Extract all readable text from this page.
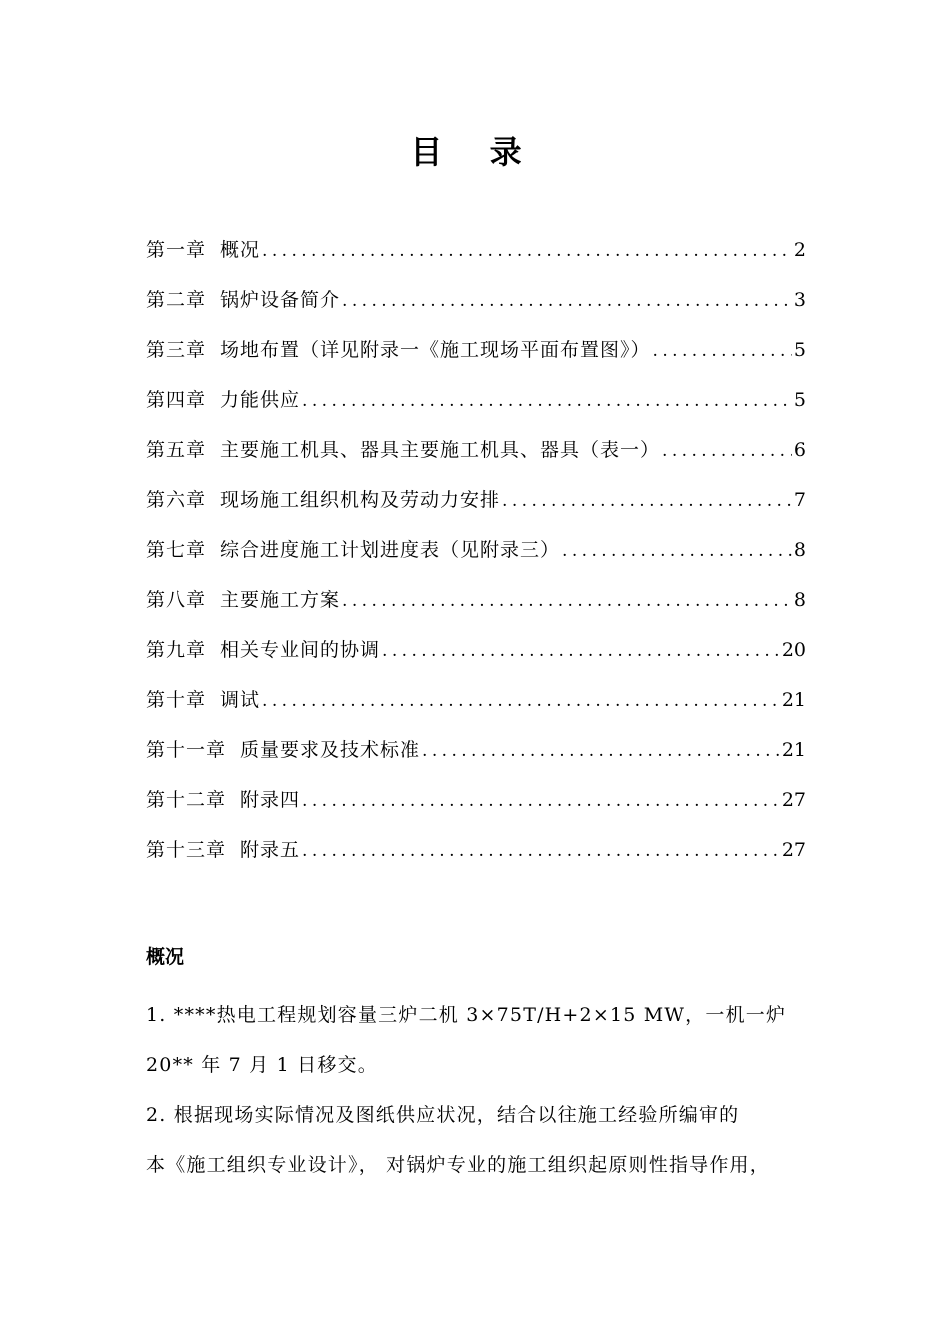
目 录
第一章 概况 .....	2
第二章 锅炉设备简介 .....	3
第三章 场地布置（详见附录一《施工现场平面布置图》） .....	5
第四章 力能供应 .....	5
第五章 主要施工机具、器具主要施工机具、器具（表一） .....	6
第六章 现场施工组织机构及劳动力安排 .....	7
第七章 综合进度施工计划进度表（见附录三） .....	8
第八章 主要施工方案 .....	8
第九章 相关专业间的协调 .....	20
第十章 调试 .....	21
第十一章 质量要求及技术标准 .....	21
第十二章 附录四 .....	27
第十三章 附录五 .....	27
概况
1. ****热电工程规划容量三炉二机 3×75T/H+2×15 MW，一机一炉
20** 年 7 月 1 日移交。
2. 根据现场实际情况及图纸供应状况，结合以往施工经验所编审的
本《施工组织专业设计》， 对锅炉专业的施工组织起原则性指导作用，
